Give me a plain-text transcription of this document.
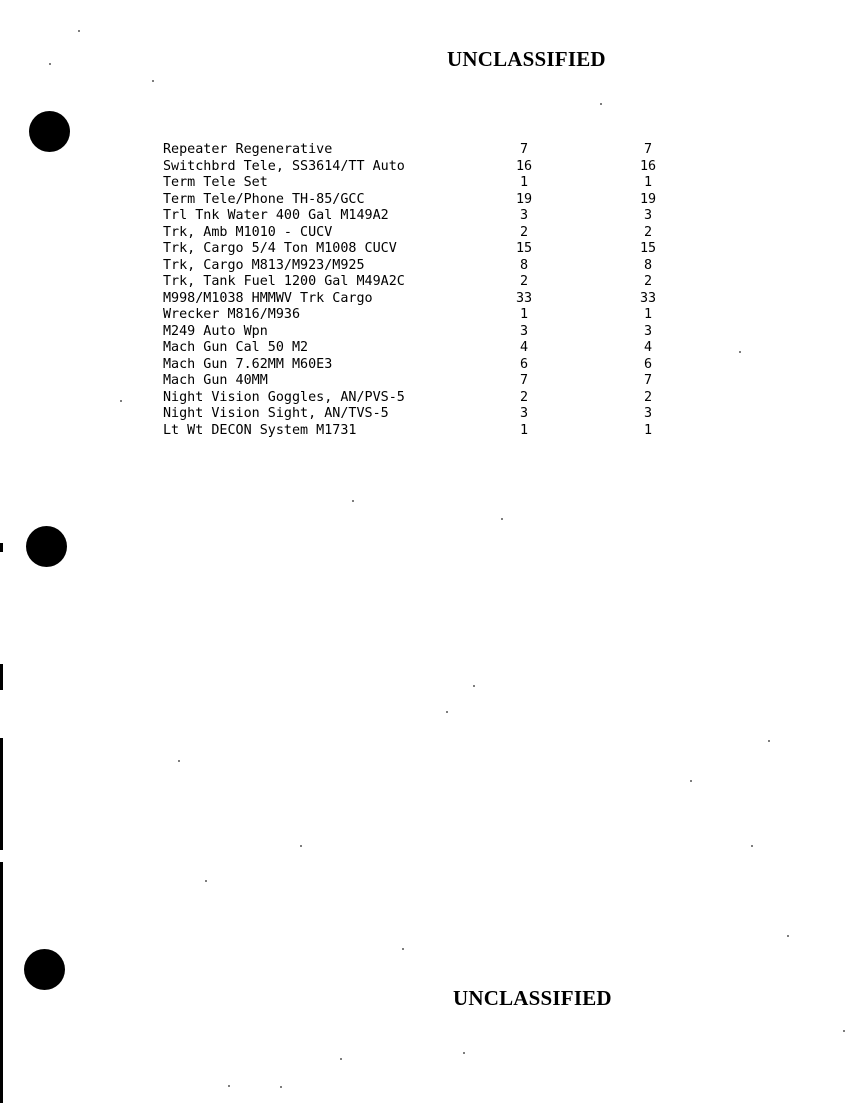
UNCLASSIFIED
Repeater Regenerative	7	7
Switchbrd Tele, SS3614/TT Auto	16	16
Term Tele Set	1	1
Term Tele/Phone TH-85/GCC	19	19
Trl Tnk Water 400 Gal M149A2	3	3
Trk, Amb M1010 - CUCV	2	2
Trk, Cargo 5/4 Ton M1008 CUCV	15	15
Trk, Cargo M813/M923/M925	8	8
Trk, Tank Fuel 1200 Gal M49A2C	2	2
M998/M1038 HMMWV Trk Cargo	33	33
Wrecker M816/M936	1	1
M249 Auto Wpn	3	3
Mach Gun Cal 50 M2	4	4
Mach Gun 7.62MM M60E3	6	6
Mach Gun 40MM	7	7
Night Vision Goggles, AN/PVS-5	2	2
Night Vision Sight, AN/TVS-5	3	3
Lt Wt DECON System M1731	1	1
UNCLASSIFIED
